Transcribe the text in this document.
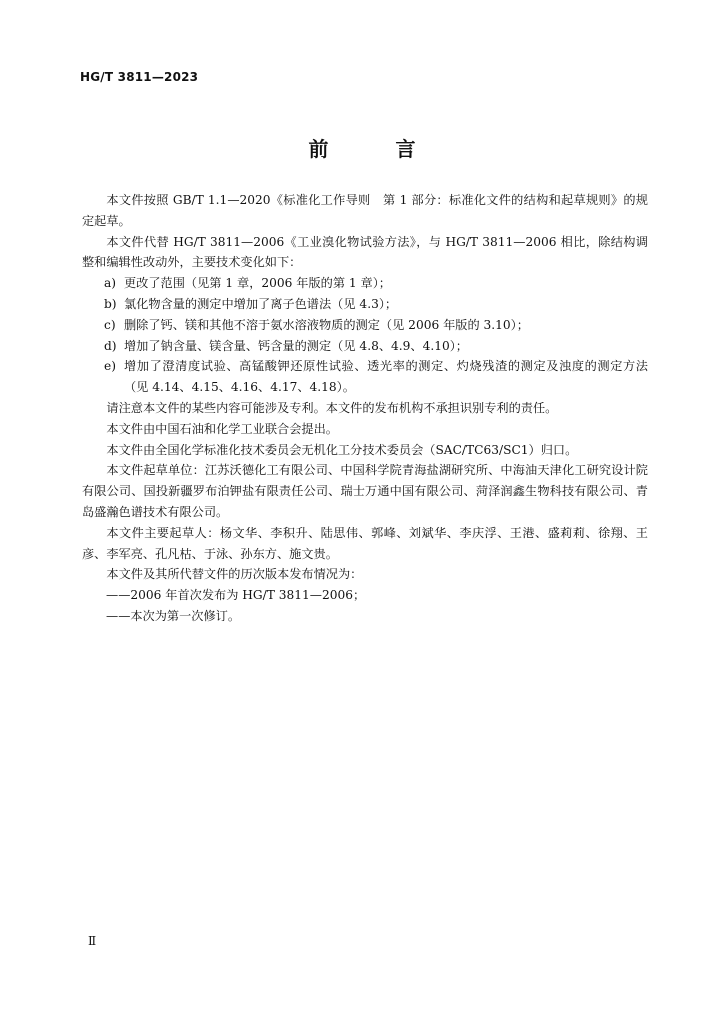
HG/T 3811—2023
前 言

本文件按照 GB/T 1.1—2020《标准化工作导则　第 1 部分：标准化文件的结构和起草规则》的规定起草。

本文件代替 HG/T 3811—2006《工业溴化物试验方法》，与 HG/T 3811—2006 相比，除结构调整和编辑性改动外，主要技术变化如下：

a) 更改了范围（见第 1 章，2006 年版的第 1 章）；

b) 氯化物含量的测定中增加了离子色谱法（见 4.3）；

c) 删除了钙、镁和其他不溶于氨水溶液物质的测定（见 2006 年版的 3.10）；

d) 增加了钠含量、镁含量、钙含量的测定（见 4.8、4.9、4.10）；

e) 增加了澄清度试验、高锰酸钾还原性试验、透光率的测定、灼烧残渣的测定及浊度的测定方法（见 4.14、4.15、4.16、4.17、4.18）。

请注意本文件的某些内容可能涉及专利。本文件的发布机构不承担识别专利的责任。

本文件由中国石油和化学工业联合会提出。

本文件由全国化学标准化技术委员会无机化工分技术委员会（SAC/TC63/SC1）归口。

本文件起草单位：江苏沃德化工有限公司、中国科学院青海盐湖研究所、中海油天津化工研究设计院有限公司、国投新疆罗布泊钾盐有限责任公司、瑞士万通中国有限公司、菏泽润鑫生物科技有限公司、青岛盛瀚色谱技术有限公司。

本文件主要起草人：杨文华、李积升、陆思伟、郭峰、刘斌华、李庆浮、王港、盛莉莉、徐翔、王彦、李军亮、孔凡枯、于泳、孙东方、施文贵。

本文件及其所代替文件的历次版本发布情况为：

——2006 年首次发布为 HG/T 3811—2006；

——本次为第一次修订。

Ⅱ
